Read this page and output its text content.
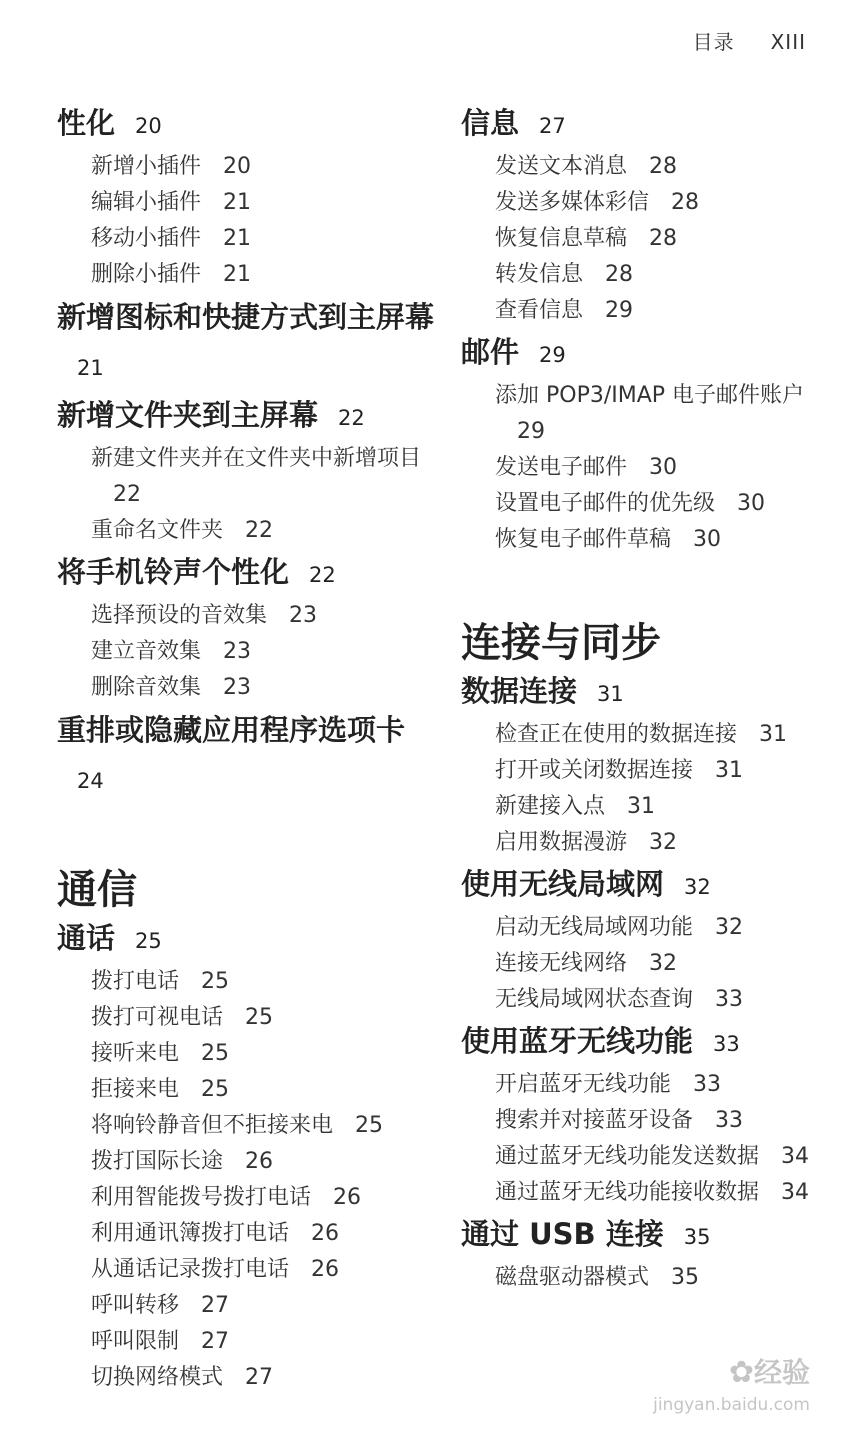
目录 XIII
性化 20
新增小插件 20
编辑小插件 21
移动小插件 21
删除小插件 21
新增图标和快捷方式到主屏幕21
新增文件夹到主屏幕 22
新建文件夹并在文件夹中新增项目22
重命名文件夹 22
将手机铃声个性化 22
选择预设的音效集 23
建立音效集 23
删除音效集 23
重排或隐藏应用程序选项卡24
通信
通话 25
拨打电话 25
拨打可视电话 25
接听来电 25
拒接来电 25
将响铃静音但不拒接来电 25
拨打国际长途 26
利用智能拨号拨打电话 26
利用通讯簿拨打电话 26
从通话记录拨打电话 26
呼叫转移 27
呼叫限制 27
切换网络模式 27
信息 27
发送文本消息 28
发送多媒体彩信 28
恢复信息草稿 28
转发信息 28
查看信息 29
邮件 29
添加 POP3/IMAP 电子邮件账户29
发送电子邮件 30
设置电子邮件的优先级 30
恢复电子邮件草稿 30
连接与同步
数据连接 31
检查正在使用的数据连接 31
打开或关闭数据连接 31
新建接入点 31
启用数据漫游 32
使用无线局域网 32
启动无线局域网功能 32
连接无线网络 32
无线局域网状态查询 33
使用蓝牙无线功能 33
开启蓝牙无线功能 33
搜索并对接蓝牙设备 33
通过蓝牙无线功能发送数据 34
通过蓝牙无线功能接收数据 34
通过 USB 连接 35
磁盘驱动器模式 35
✿经验
jingyan.baidu.com
